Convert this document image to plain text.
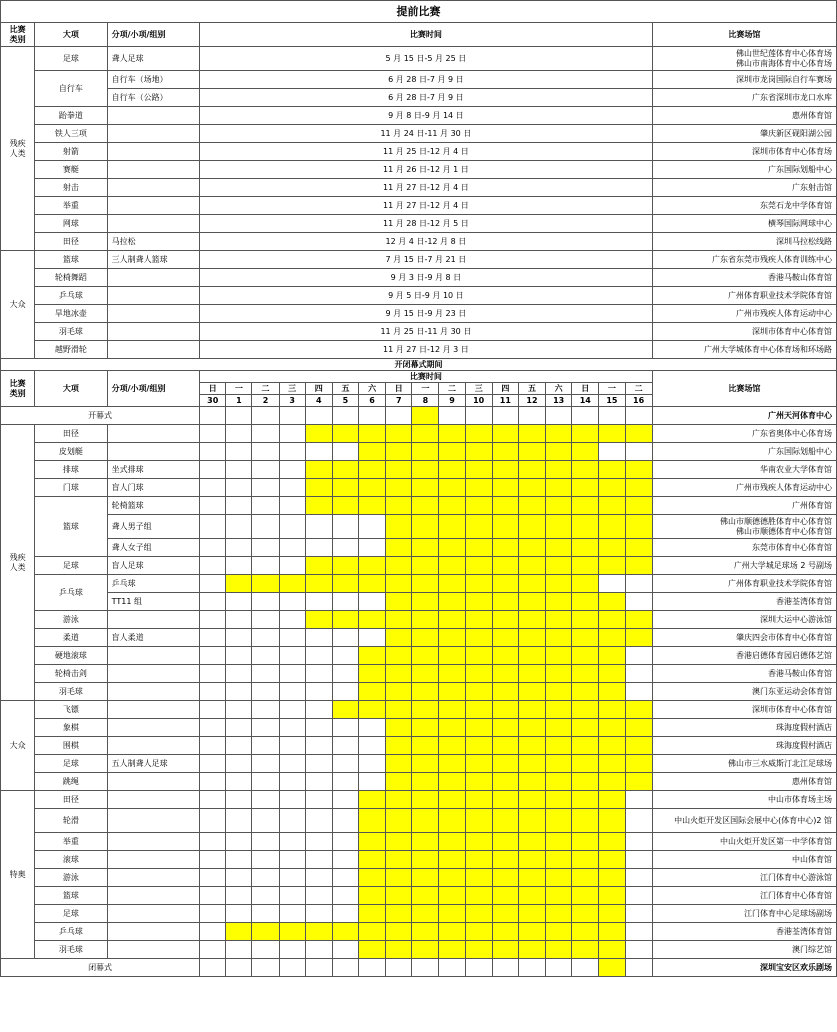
提前比赛																				
比赛
类别	大项	分项/小项/组别	比赛时间																	比赛场馆
残疾
人类	足球	聋人足球	5 月 15 日-5 月 25 日																	佛山世纪莲体育中心体育场
佛山市南海体育中心体育场
	自行车	自行车（场地）	6 月 28 日-7 月 9 日																	深圳市龙岗国际自行车赛场
		自行车（公路）	6 月 28 日-7 月 9 日																	广东省深圳市龙口水库
	跆拳道		9 月 8 日-9 月 14 日																	惠州体育馆
	铁人三项		11 月 24 日-11 月 30 日																	肇庆新区砚阳湖公园
	射箭		11 月 25 日-12 月 4 日																	深圳市体育中心体育场
	赛艇		11 月 26 日-12 月 1 日																	广东国际划船中心
	射击		11 月 27 日-12 月 4 日																	广东射击馆
	举重		11 月 27 日-12 月 4 日																	东莞石龙中学体育馆
	网球		11 月 28 日-12 月 5 日																	横琴国际网球中心
	田径	马拉松	12 月 4 日-12 月 8 日																	深圳马拉松线路
大众	篮球	三人制聋人篮球	7 月 15 日-7 月 21 日																	广东省东莞市残疾人体育训练中心
	轮椅舞蹈		9 月 3 日-9 月 8 日																	香港马鞍山体育馆
	乒乓球		9 月 5 日-9 月 10 日																	广州体育职业技术学院体育馆
	旱地冰壶		9 月 15 日-9 月 23 日																	广州市残疾人体育运动中心
	羽毛球		11 月 25 日-11 月 30 日																	深圳市体育中心体育馆
	越野滑轮		11 月 27 日-12 月 3 日																	广州大学城体育中心体育场和环场路
开闭幕式期间																				
比赛
类别	大项	分项/小项/组别	比赛时间																	比赛场馆
			日	一	二	三	四	五	六	日	一	二	三	四	五	六	日	一	二	
			30	1	2	3	4	5	6	7	8	9	10	11	12	13	14	15	16	
开幕式																				广州天河体育中心
残疾
人类	田径																			广东省奥体中心体育场
	皮划艇																			广东国际划船中心
	排球	坐式排球																		华南农业大学体育馆
	门球	盲人门球																		广州市残疾人体育运动中心
	篮球	轮椅篮球																		广州体育馆
		聋人男子组																		佛山市顺德德胜体育中心体育馆
佛山市顺德体育中心体育馆
		聋人女子组																		东莞市体育中心体育馆
	足球	盲人足球																		广州大学城足球场 2 号副场
	乒乓球	乒乓球																		广州体育职业技术学院体育馆
		TT11 组																		香港荃湾体育馆
	游泳																			深圳大运中心游泳馆
	柔道	盲人柔道																		肇庆四会市体育中心体育馆
	硬地滚球																			香港启德体育园启德体艺馆
	轮椅击剑																			香港马鞍山体育馆
	羽毛球																			澳门东亚运动会体育馆
大众	飞镖																			深圳市体育中心体育馆
	象棋																			珠海度假村酒店
	围棋																			珠海度假村酒店
	足球	五人制聋人足球																		佛山市三水威斯汀北江足球场
	跳绳																			惠州体育馆
特奥	田径																			中山市体育场主场
	轮滑																			中山火炬开发区国际会展中心(体育中心)2 馆
	举重																			中山火炬开发区第一中学体育馆
	滚球																			中山体育馆
	游泳																			江门体育中心游泳馆
	篮球																			江门体育中心体育馆
	足球																			江门体育中心足球场副场
	乒乓球																			香港荃湾体育馆
	羽毛球																			澳门综艺馆
闭幕式																				深圳宝安区欢乐剧场
